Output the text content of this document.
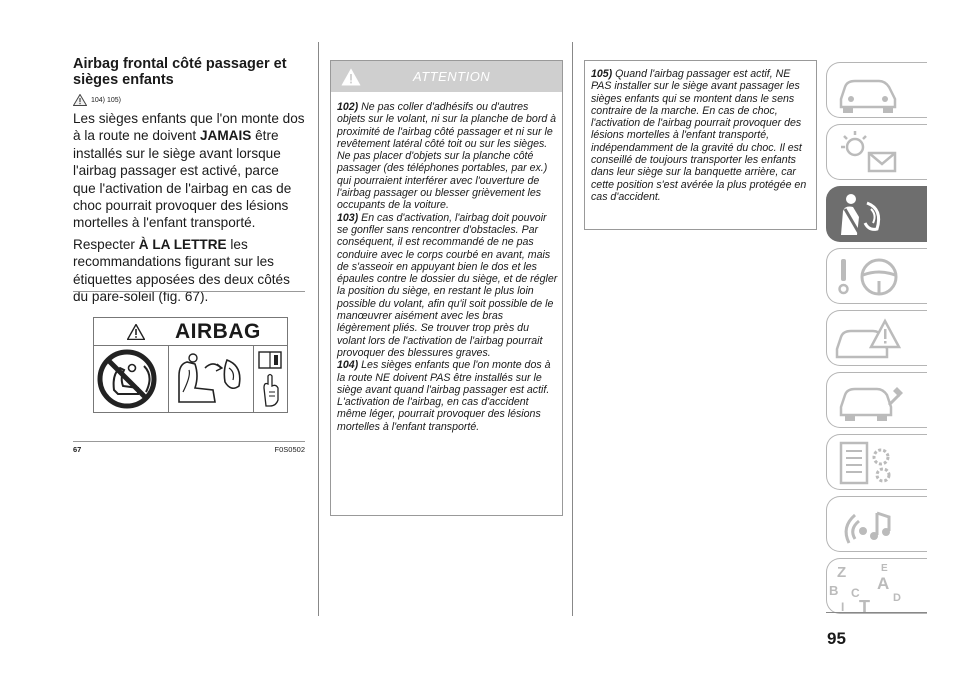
Airbag frontal côté passager et sièges enfants
104) 105)

Les sièges enfants que l'on monte dos à la route ne doivent JAMAIS être installés sur le siège avant lorsque l'airbag passager est activé, parce que l'activation de l'airbag en cas de choc pourrait provoquer des lésions mortelles à l'enfant transporté.

Respecter À LA LETTRE les recommandations figurant sur les étiquettes apposées des deux côtés du pare-soleil (fig. 67).

AIRBAG
67	F0S0502
ATTENTION
102) Ne pas coller d'adhésifs ou d'autres objets sur le volant, ni sur la planche de bord à proximité de l'airbag côté passager et ni sur le revêtement latéral côté toit ou sur les sièges. Ne pas placer d'objets sur la planche côté passager (des téléphones portables, par ex.) qui pourraient interférer avec l'ouverture de l'airbag passager ou blesser grièvement les occupants de la voiture.
103) En cas d'activation, l'airbag doit pouvoir se gonfler sans rencontrer d'obstacles. Par conséquent, il est recommandé de ne pas conduire avec le corps courbé en avant, mais de s'asseoir en appuyant bien le dos et les épaules contre le dossier du siège, et de régler la position du siège, en restant le plus loin possible du volant, afin qu'il soit possible de le manœuvrer aisément avec les bras légèrement pliés. Se trouver trop près du volant lors de l'activation de l'airbag pourrait provoquer des blessures graves.
104) Les sièges enfants que l'on monte dos à la route NE doivent PAS être installés sur le siège avant quand l'airbag passager est actif. L'activation de l'airbag, en cas d'accident même léger, pourrait provoquer des lésions mortelles à l'enfant transporté.
105) Quand l'airbag passager est actif, NE PAS installer sur le siège avant passager les sièges enfants qui se montent dans le sens contraire de la marche. En cas de choc, l'activation de l'airbag pourrait provoquer des lésions mortelles à l'enfant transporté, indépendamment de la gravité du choc. Il est conseillé de toujours transporter les enfants dans leur siège sur la banquette arrière, car cette position s'est avérée la plus protégée en cas d'accident.
Z	E
A
B C
T D
I
95
